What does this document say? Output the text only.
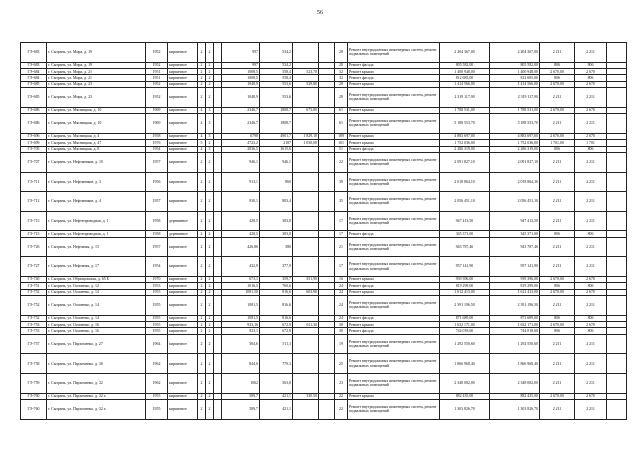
56
ГЭ-683	г. Сызрань, ул. Мира, д. 19	1952	кирпичное	2	2		997	534,2			28	Ремонт внутридомовых инженерных систем, ремонт подвальных помещений	2 204 367,00	2 204 367,00	2 211	2 211	
ГЭ-683	г. Сызрань, ул. Мира, д. 19	1952	кирпичное	2	2		997	534,2			28	Ремонт фасада	805 582,00	805 582,00	806	806	
ГЭ-684	г. Сызрань, ул. Мира, д. 21	1951	кирпичное	2	2		1008,5	558,4	523,70		32	Ремонт крыши	1 400 948,00	1 400 948,00	2 670,00	2 670	
ГЭ-684	г. Сызрань, ул. Мира, д. 21	1951	кирпичное	2	2		1008,5	558,4			32	Ремонт фасада	812 685,00	812 685,00	806	806	
ГЭ-685	г. Сызрань, ул. Мира, д. 23	1952	кирпичное	2	2		1048,9	553,6	529,80		28	Ремонт крыши	1 414 566,00	1 414 566,00	2 670,00	2 670	
ГЭ-685	г. Сызрань, ул. Мира, д. 23	1952	кирпичное	2	2		1048,9	553,6			28	Ремонт внутридомовых инженерных систем, ремонт подвальных помещений	2 319 117,90	2 319 117,90	2 211	2 211	
ГЭ-686	г. Сызрань, ул. Мясницкая, д. 10	1969	кирпичное	4	3		2346,7	1808,7	675,80		61	Ремонт крыши	1 788 531,00	1 788 531,00	2 670,00	2 670	
ГЭ-686	г. Сызрань, ул. Мясницкая, д. 10	1969	кирпичное	4	3		2346,7	1808,7			61	Ремонт внутридомовых инженерных систем, ремонт подвальных помещений	5 188 553,70	5 188 553,70	2 211	2 211	
ГЭ-696	г. Сызрань, ул. Мясницкая, д. 4	1958	кирпичное	4	5		6798	4901,7	1 829,10		189	Ремонт крыши	4 883 697,00	4 883 697,00	2 670,00	2 670	
ГЭ-699	г. Сызрань, ул. Мясницкая, д. 47	1976	кирпичное	5	2		4723,2	2187	1 030,00		101	Ремонт крыши	1 752 036,00	1 752 036,00	1 701,00	1 701	
ГЭ-705	г. Сызрань, ул. Мясницкая, д. 8	1954	кирпичное	4	3		2836,5	1615,6			51	Ремонт фасада	2 286 319,00	2 286 319,00	806	806	
ГЭ-707	г. Сызрань, ул. Нефтяников, д. 10	1957	кирпичное	2	2		946,1	946,1			22	Ремонт внутридомовых инженерных систем, ремонт подвальных помещений	2 091 827,10	2 091 827,10	2 211	2 211	
ГЭ-711	г. Сызрань, ул. Нефтяников, д. 3	1956	кирпичное	2	2		913,1	860			39	Ремонт внутридомовых инженерных систем, ремонт подвальных помещений	2 018 864,10	2 018 864,10	2 211	2 211	
ГЭ-712	г. Сызрань, ул. Нефтяников, д. 4	1957	кирпичное	2	2		930,1	883,4			35	Ремонт внутридомовых инженерных систем, ремонт подвальных помещений	2 056 451,10	2 056 451,10	2 211	2 211	
ГЭ-715	г. Сызрань, ул. Нефтепроводная, д. 1	1958	деревянное	2	2		428,5	383,8			17	Ремонт внутридомовых инженерных систем, ремонт подвальных помещений	947 413,50	947 413,50	2 211	2 211	
ГЭ-715	г. Сызрань, ул. Нефтепроводная, д. 1	1958	деревянное	2	2		428,5	383,8			17	Ремонт фасада	345 371,00	345 371,00	806	806	
ГЭ-726	г. Сызрань, ул. Нефтяная, д. 15	1957	кирпичное	2	2		426,86	380			21	Ремонт внутридомовых инженерных систем, ремонт подвальных помещений	943 787,46	943 787,46	2 211	2 211	
ГЭ-727	г. Сызрань, ул. Нефтяная, д. 17	1954	кирпичное	2	2		432,9	377,9			17	Ремонт внутридомовых инженерных систем, ремонт подвальных помещений	957 141,90	957 141,90	2 211	2 211	
ГЭ-740	г. Сызрань, ул. Образцовская, д. 65 Б	1970	кирпичное	2	2		673,1	359,7	351,90		16	Ремонт крыши	939 396,00	939 396,00	2 670,00	2 670	
ГЭ-751	г. Сызрань, ул. Осипенко, д. 12	1953	кирпичное	2	2		1016,5	760,6			24	Ремонт фасада	819 299,00	819 299,00	806	806	
ГЭ-752	г. Сызрань, ул. Осипенко, д. 14	1955	кирпичное	2	2		1081,50	816,6	603,90		24	Ремонт крыши	1 612 413,00	1 612 413,00	2 670,00	2 670	
ГЭ-752	г. Сызрань, ул. Осипенко, д. 14	1955	кирпичное	2	2		1081,5	816,6			24	Ремонт внутридомовых инженерных систем, ремонт подвальных помещений	2 391 196,50	2 391 196,50	2 211	2 211	
ГЭ-752	г. Сызрань, ул. Осипенко, д. 14	1955	кирпичное	2	2		1081,5	816,6			24	Ремонт фасада	871 689,00	871 689,00	806	806	
ГЭ-753	г. Сызрань, ул. Осипенко, д. 16	1955	кирпичное	2	2		923,16	672,9	611,30		30	Ремонт крыши	1 632 171,00	1 632 171,00	2 670,00	2 670	
ГЭ-753	г. Сызрань, ул. Осипенко, д. 16	1955	кирпичное	2	2		923,1	672,9			30	Ремонт фасада	744 018,60	744 018,60	806	806	
ГЭ-757	г. Сызрань, ул. Пархоменко, д. 27	1964	кирпичное	2	2		584,6	511,3			19	Ремонт внутридомовых инженерных систем, ремонт подвальных помещений	1 292 550,60	1 292 550,60	2 211	2 211	
ГЭ-758	г. Сызрань, ул. Пархоменко, д. 30	1962	кирпичное	2	2		844,6	779,3			25	Ремонт внутридомовых инженерных систем, ремонт подвальных помещений	1 866 968,40	1 866 968,40	2 211	2 211	
ГЭ-759	г. Сызрань, ул. Пархоменко, д. 32	1962	кирпичное	2	2		1062	563,8			23	Ремонт внутридомовых инженерных систем, ремонт подвальных помещений	2 348 082,00	2 348 082,00	2 211	2 211	
ГЭ-760	г. Сызрань, ул. Пархоменко, д. 32 а	1955	кирпичное	2	2		589,7	421,1	330,50		22	Ремонт крыши	882 435,00	882 435,00	2 670,00	2 670	
ГЭ-760	г. Сызрань, ул. Пархоменко, д. 32 а	1955	кирпичное	2	2		589,7	421,1			22	Ремонт внутридомовых инженерных систем, ремонт подвальных помещений	1 303 826,70	1 303 826,70	2 211	2 211	
